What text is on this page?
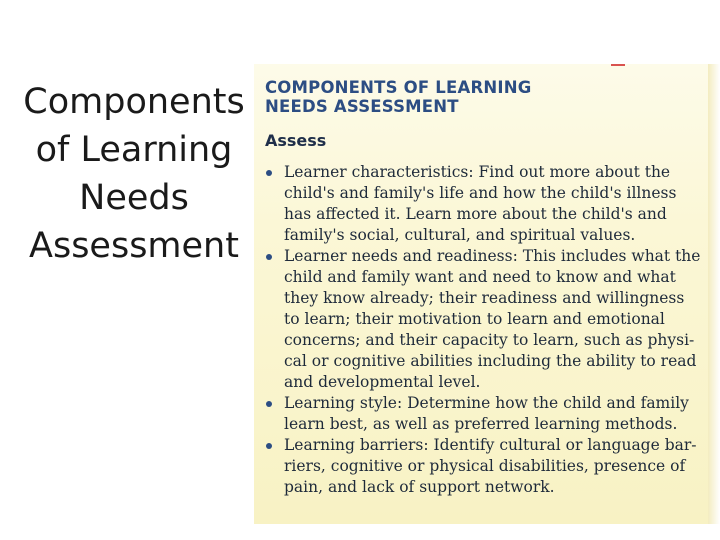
Components
of Learning
Needs
Assessment
COMPONENTS OF LEARNING
NEEDS ASSESSMENT
Assess
Learner characteristics: Find out more about the
child's and family's life and how the child's illness
has affected it. Learn more about the child's and
family's social, cultural, and spiritual values.
Learner needs and readiness: This includes what the
child and family want and need to know and what
they know already; their readiness and willingness
to learn; their motivation to learn and emotional
concerns; and their capacity to learn, such as physi-
cal or cognitive abilities including the ability to read
and developmental level.
Learning style: Determine how the child and family
learn best, as well as preferred learning methods.
Learning barriers: Identify cultural or language bar-
riers, cognitive or physical disabilities, presence of
pain, and lack of support network.
